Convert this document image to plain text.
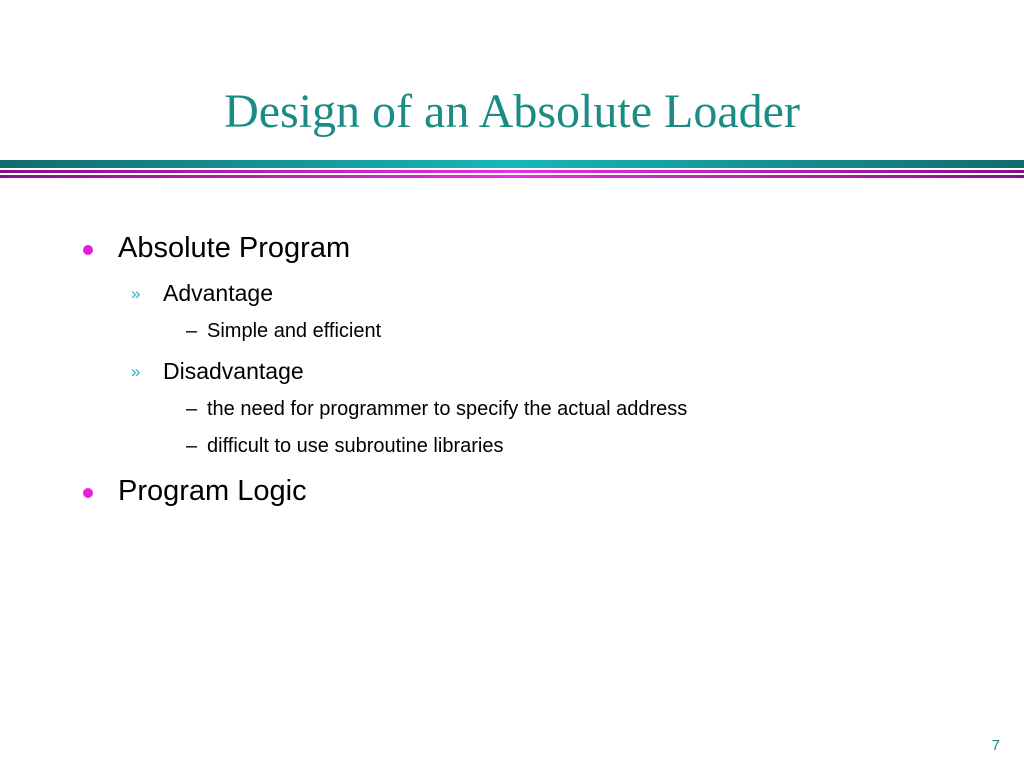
Design of an Absolute Loader
Absolute Program
» Advantage
– Simple and efficient
» Disadvantage
– the need for programmer to specify the actual address
– difficult to use subroutine libraries
Program Logic
7
